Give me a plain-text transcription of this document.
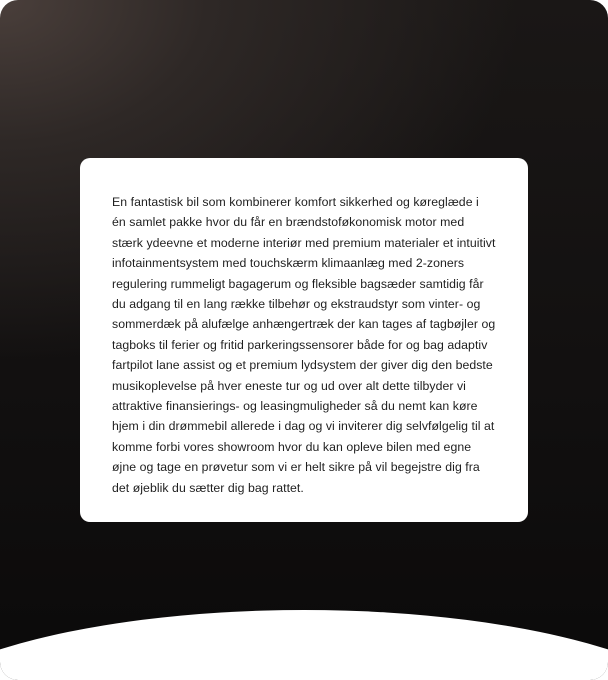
En fantastisk bil som kombinerer komfort sikkerhed og køreglæde i én samlet pakke hvor du får en brændstoføkonomisk motor med stærk ydeevne et moderne interiør med premium materialer et intuitivt infotainmentsystem med touchskærm klimaanlæg med 2-zoners regulering rummeligt bagagerum og fleksible bagsæder samtidig får du adgang til en lang række tilbehør og ekstraudstyr som vinter- og sommerdæk på alufælge anhængertræk der kan tages af tagbøjler og tagboks til ferier og fritid parkeringssensorer både for og bag adaptiv fartpilot lane assist og et premium lydsystem der giver dig den bedste musikoplevelse på hver eneste tur og ud over alt dette tilbyder vi attraktive finansierings- og leasingmuligheder så du nemt kan køre hjem i din drømmebil allerede i dag og vi inviterer dig selvfølgelig til at komme forbi vores showroom hvor du kan opleve bilen med egne øjne og tage en prøvetur som vi er helt sikre på vil begejstre dig fra det øjeblik du sætter dig bag rattet.
